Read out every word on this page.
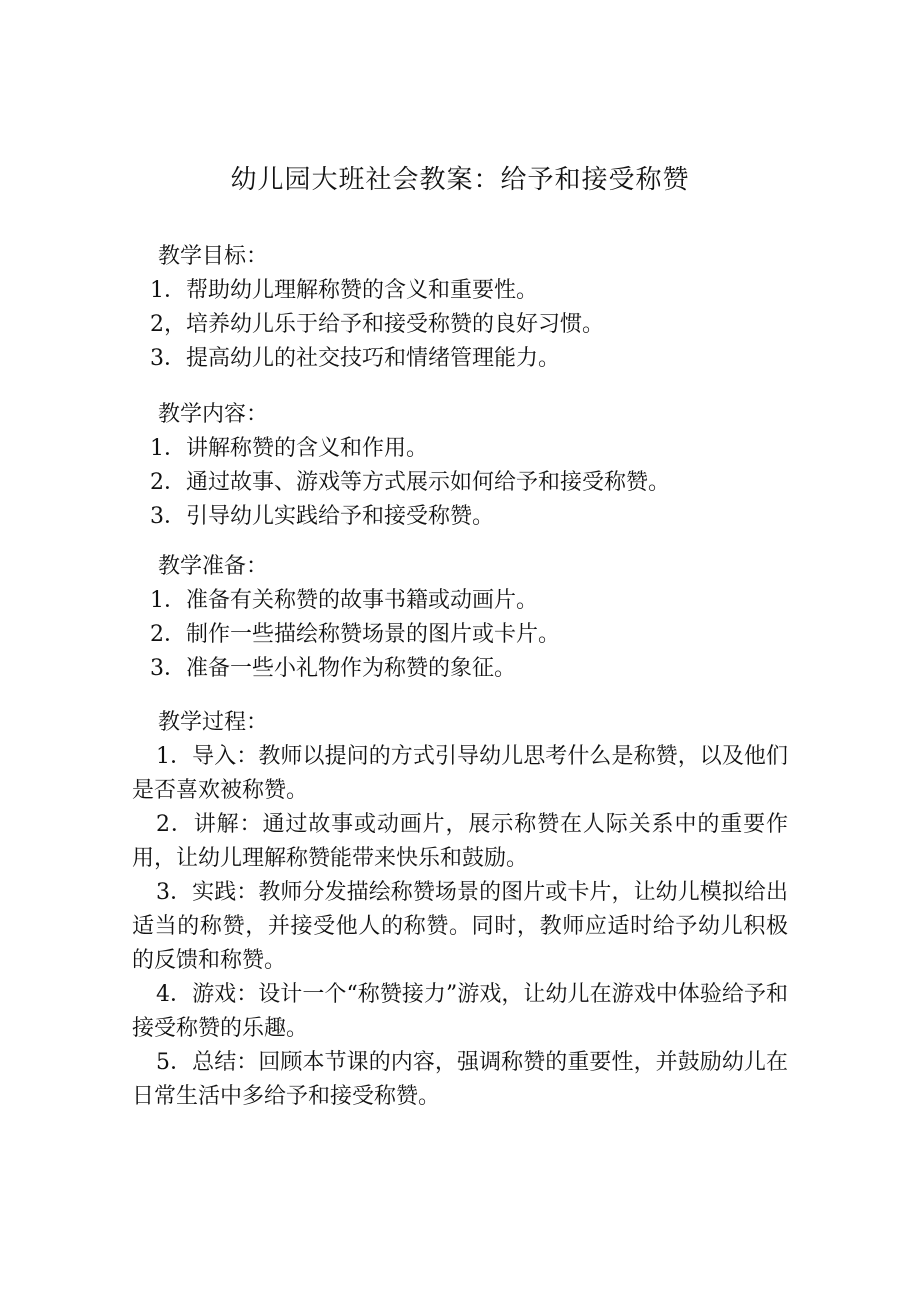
幼儿园大班社会教案：给予和接受称赞
教学目标：
1．帮助幼儿理解称赞的含义和重要性。
2，培养幼儿乐于给予和接受称赞的良好习惯。
3．提高幼儿的社交技巧和情绪管理能力。
教学内容：
1．讲解称赞的含义和作用。
2．通过故事、游戏等方式展示如何给予和接受称赞。
3．引导幼儿实践给予和接受称赞。
教学准备：
1．准备有关称赞的故事书籍或动画片。
2．制作一些描绘称赞场景的图片或卡片。
3．准备一些小礼物作为称赞的象征。
教学过程：
1．导入：教师以提问的方式引导幼儿思考什么是称赞，以及他们是否喜欢被称赞。
2．讲解：通过故事或动画片，展示称赞在人际关系中的重要作用，让幼儿理解称赞能带来快乐和鼓励。
3．实践：教师分发描绘称赞场景的图片或卡片，让幼儿模拟给出适当的称赞，并接受他人的称赞。同时，教师应适时给予幼儿积极的反馈和称赞。
4．游戏：设计一个“称赞接力”游戏，让幼儿在游戏中体验给予和接受称赞的乐趣。
5．总结：回顾本节课的内容，强调称赞的重要性，并鼓励幼儿在日常生活中多给予和接受称赞。
